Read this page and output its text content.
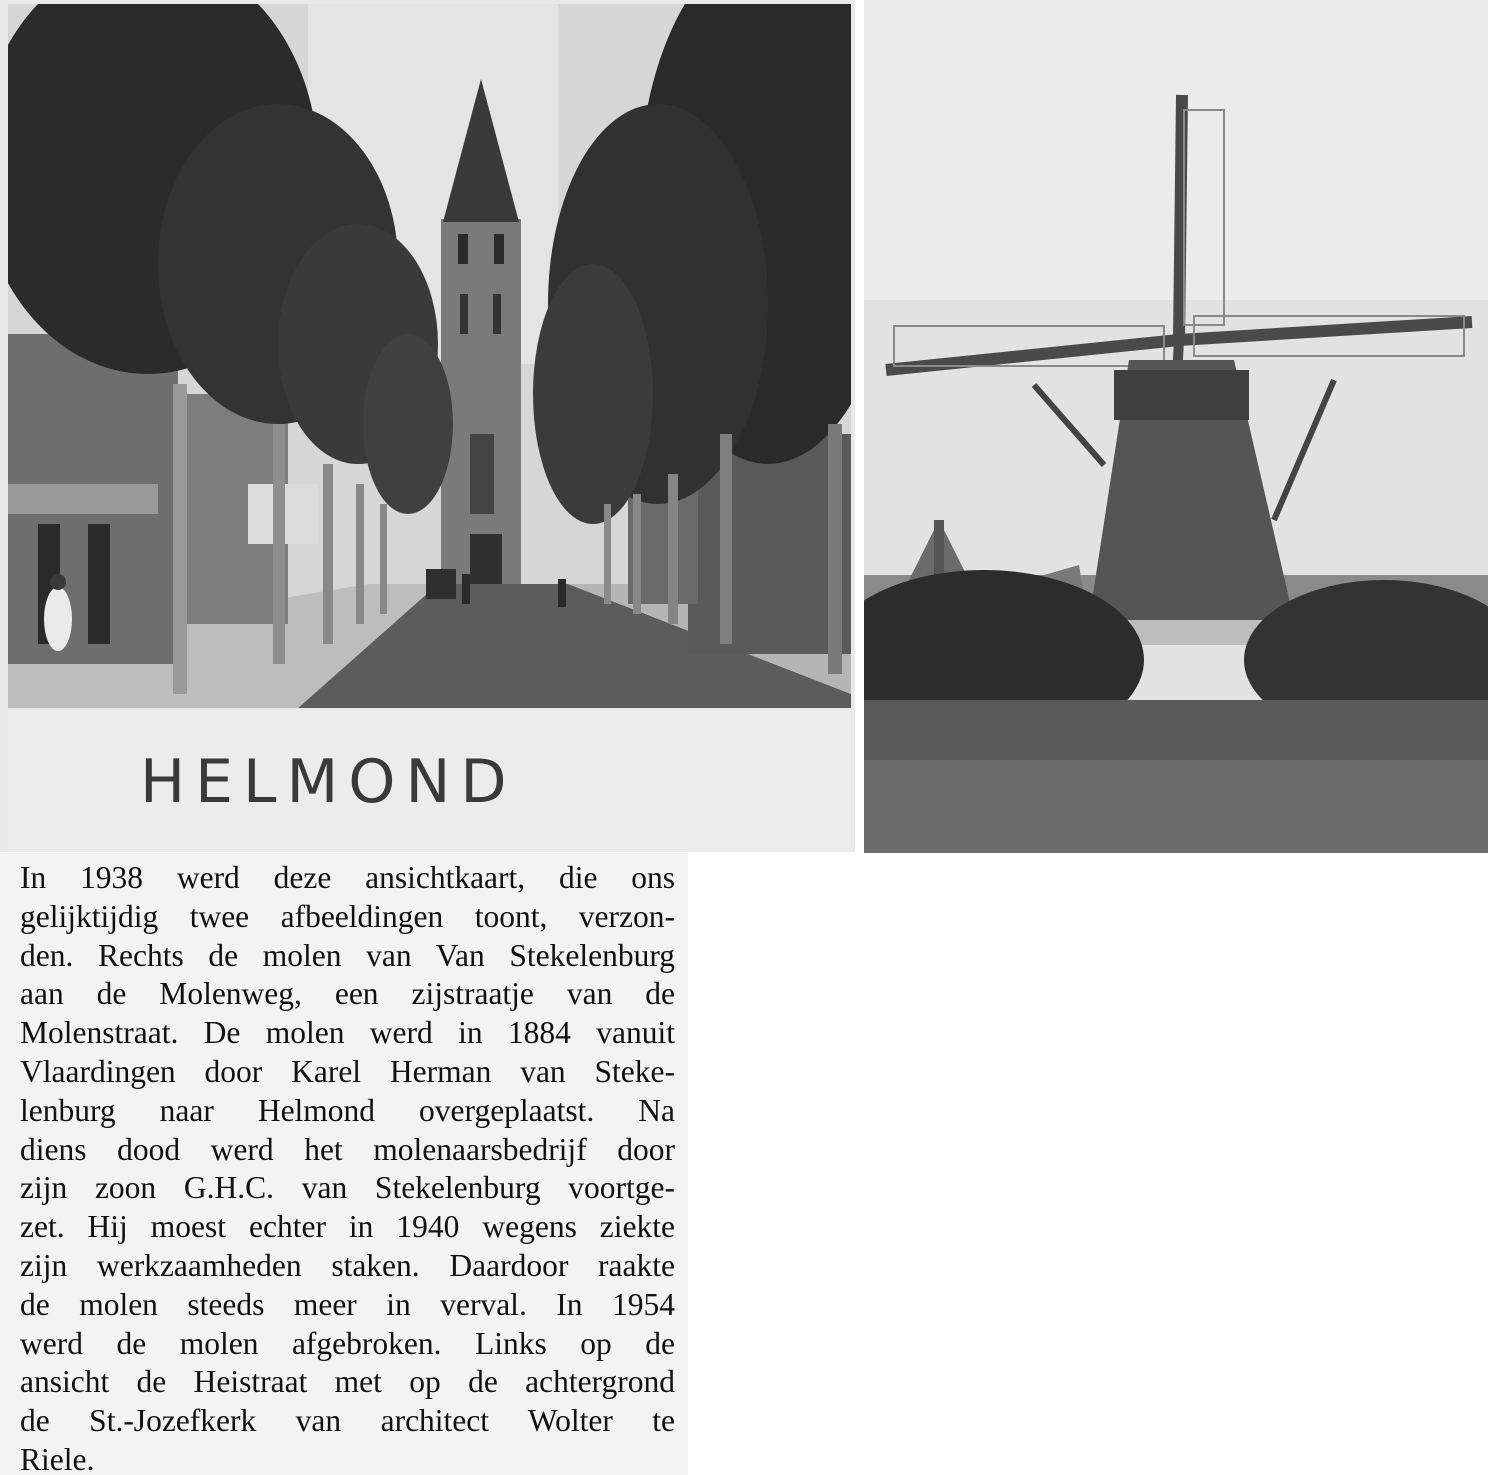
HELMOND

In 1938 werd deze ansichtkaart, die ons
gelijktijdig twee afbeeldingen toont, verzon-
den. Rechts de molen van Van Stekelenburg
aan de Molenweg, een zijstraatje van de
Molenstraat. De molen werd in 1884 vanuit
Vlaardingen door Karel Herman van Steke-
lenburg naar Helmond overgeplaatst. Na
diens dood werd het molenaarsbedrijf door
zijn zoon G.H.C. van Stekelenburg voortge-
zet. Hij moest echter in 1940 wegens ziekte
zijn werkzaamheden staken. Daardoor raakte
de molen steeds meer in verval. In 1954
werd de molen afgebroken. Links op de
ansicht de Heistraat met op de achtergrond
de St.-Jozefkerk van architect Wolter te
Riele.
